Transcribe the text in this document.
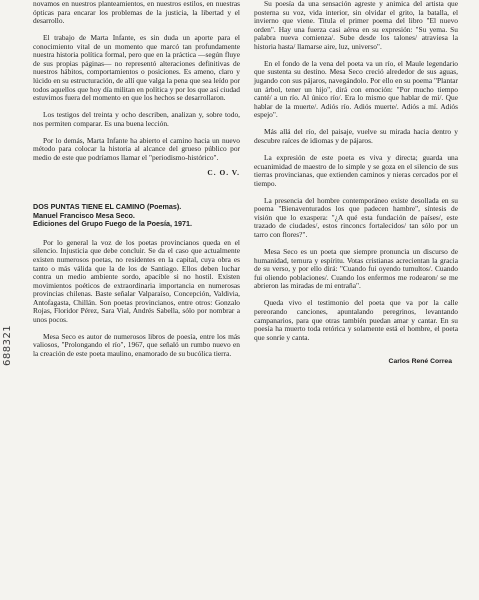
novamos en nuestros planteamientos, en nuestros estilos, en nuestras ópticas para encarar los problemas de la justicia, la libertad y el desarrollo.

El trabajo de Marta Infante, es sin duda un aporte para el conocimiento vital de un momento que marcó tan profundamente nuestra historia política formal, pero que en la práctica —según fluye de sus propias páginas— no representó alteraciones definitivas de nuestros hábitos, comportamientos o posiciones. Es ameno, claro y lúcido en su estructuración, de allí que valga la pena que sea leído por todos aquellos que hoy día militan en política y por los que así ciudad estuvimos fuera del momento en que los hechos se desarrollaron.

Los testigos del treinta y ocho describen, analizan y, sobre todo, nos permiten comparar. Es una buena lección.

Por lo demás, Marta Infante ha abierto el camino hacia un nuevo método para colocar la historia al alcance del grueso público por medio de este que podríamos llamar el "periodismo-histórico".

C. O. V.
DOS PUNTAS TIENE EL CAMINO (Poemas).
Manuel Francisco Mesa Seco.
Ediciones del Grupo Fuego de la Poesía, 1971.

Por lo general la voz de los poetas provincianos queda en el silencio. Injusticia que debe concluir. Se da el caso que actualmente existen numerosos poetas, no residentes en la capital, cuya obra es tanto o más válida que la de los de Santiago. Ellos deben luchar contra un medio ambiente sordo, apacible si no hostil. Existen movimientos poéticos de extraordinaria importancia en numerosas provincias chilenas. Baste señalar Valparaíso, Concepción, Valdivia, Antofagasta, Chillán. Son poetas provincianos, entre otros: Gonzalo Rojas, Floridor Pérez, Sara Vial, Andrés Sabella, sólo por nombrar a unos pocos.

Mesa Seco es autor de numerosos libros de poesía, entre los más valiosos, "Prolongando el río", 1967, que señaló un rumbo nuevo en la creación de este poeta maulino, enamorado de su bucólica tierra.

Su poesía da una sensación agreste y animica del artista que posterna su voz, vida interior, sin olvidar el grito, la batalla, el invierno que viene. Titula el primer poema del libro "El nuevo orden". Hay una fuerza casi aérea en su expresión: "Su yema. Su palabra nueva comienza/. Sube desde los talones/ atraviesa la historia hasta/ llamarse aire, luz, universo".

En el fondo de la vena del poeta va un río, el Maule legendario que sustenta su destino. Mesa Seco creció alrededor de sus aguas, jugando con sus pájaros, navegándolo. Por ello en su poema "Plantar un árbol, tener un hijo", dirá con emoción: "Por mucho tiempo canté/ a un río. Al único río/. Era lo mismo que hablar de mí/. Que hablar de la muerte/. Adiós río. Adiós muerte/. Adiós a mí. Adiós espejo".

Más allá del río, del paisaje, vuelve su mirada hacia dentro y descubre raíces de idiomas y de pájaros.

La expresión de este poeta es viva y directa; guarda una ecuanimidad de maestro de lo simple y se goza en el silencio de sus tierras provincianas, que extienden caminos y nieras cercados por el tiempo.

La presencia del hombre contemporáneo existe desollada en su poema "Bienaventurados los que padecen hambre", síntesis de visión que lo exaspera: "¿A qué esta fundación de países/, este trazado de ciudades/, estos rinconcs fortalecidos/ tan sólo por un tarro con flores?".

Mesa Seco es un poeta que siempre pronuncia un discurso de humanidad, ternura y espíritu. Votas cristianas acrecientan la gracia de su verso, y por ello dirá: "Cuando fui oyendo tumultos/. Cuando fui oliendo poblaciones/. Cuando los enfermos me rodearon/ se me abrieron las miradas de mi entraña".

Queda vivo el testimonio del poeta que va por la calle pereorando canciones, apuntalando peregrinos, levantando campanarios, para que otras también puedan amar y cantar. En su poesía ha muerto toda retórica y solamente está el hombre, el poeta que sonríe y canta.

Carlos René Correa
688321
